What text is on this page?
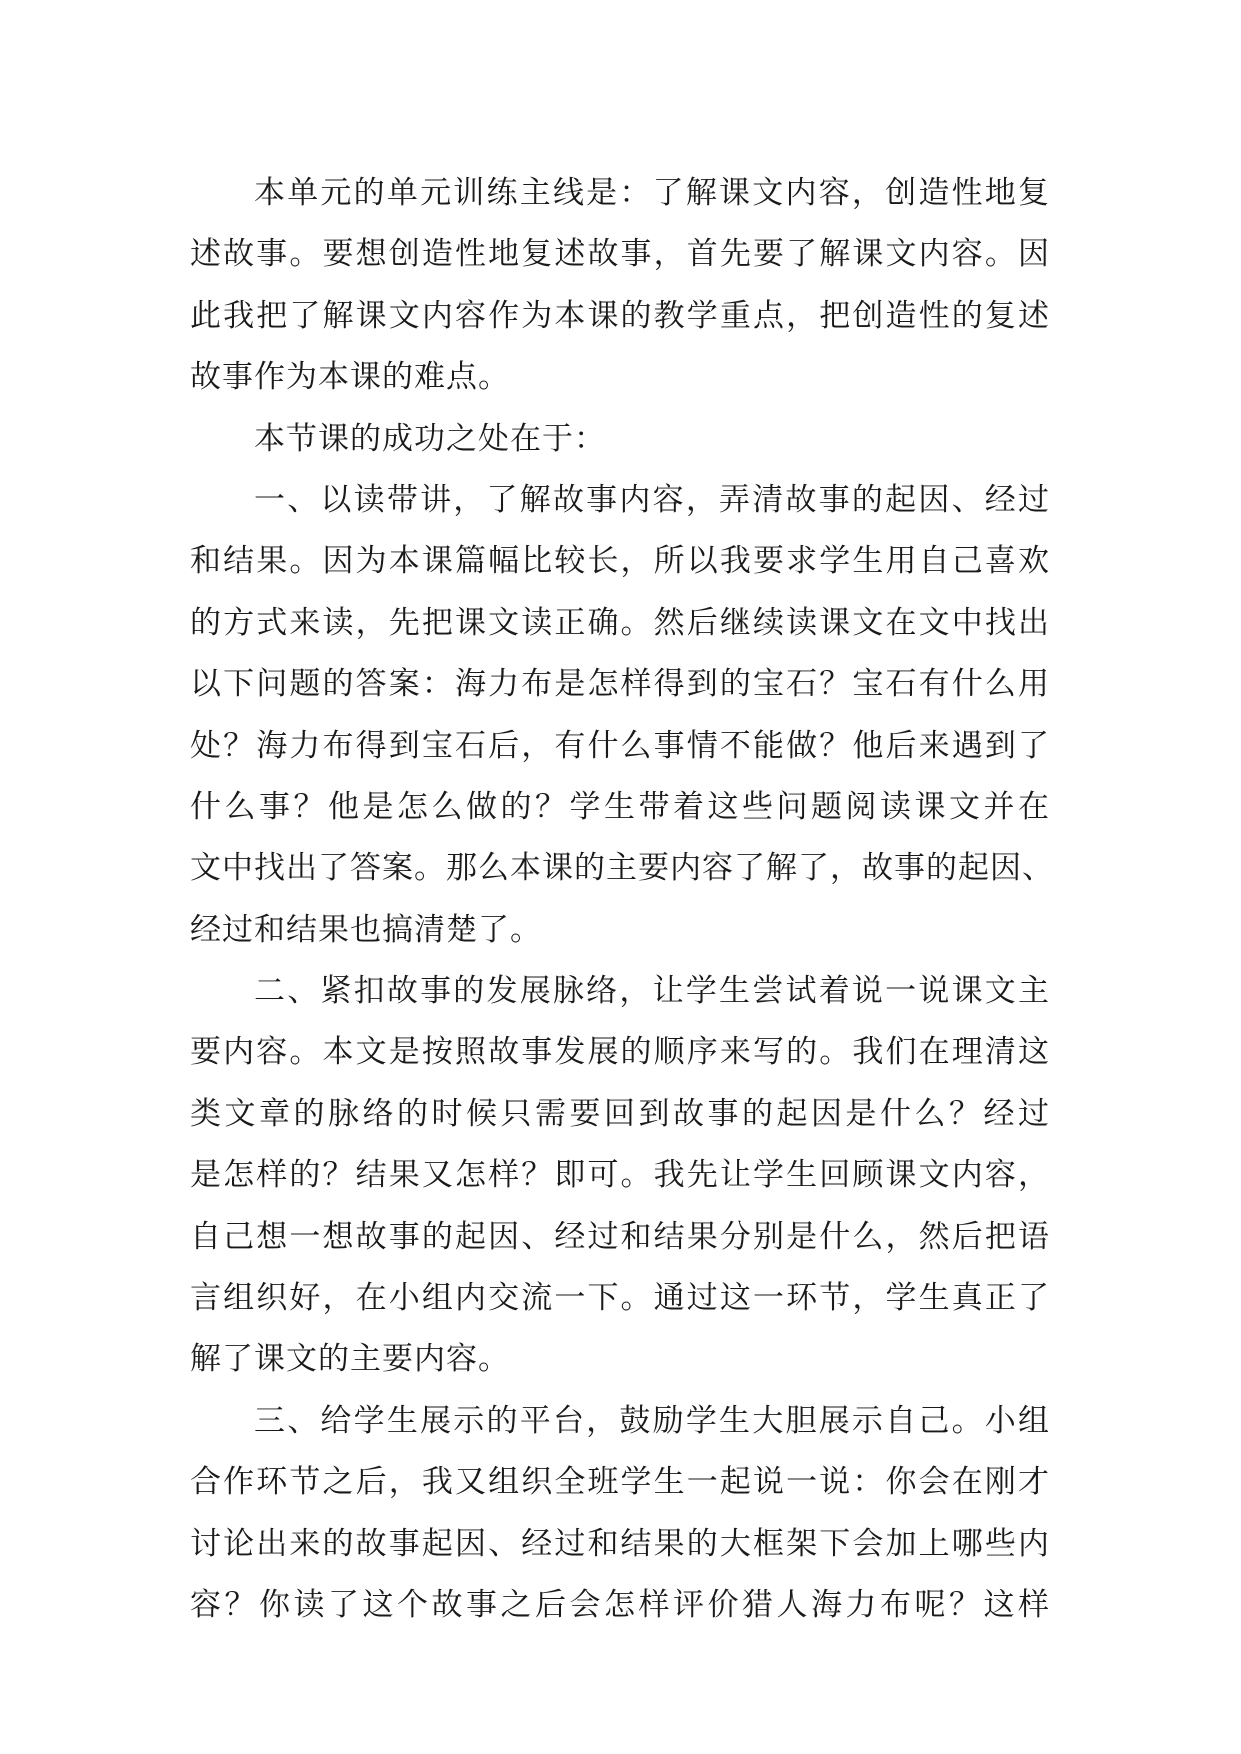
本单元的单元训练主线是：了解课文内容，创造性地复
述故事。要想创造性地复述故事，首先要了解课文内容。因
此我把了解课文内容作为本课的教学重点，把创造性的复述
故事作为本课的难点。
本节课的成功之处在于：
一、以读带讲，了解故事内容，弄清故事的起因、经过
和结果。因为本课篇幅比较长，所以我要求学生用自己喜欢
的方式来读，先把课文读正确。然后继续读课文在文中找出
以下问题的答案：海力布是怎样得到的宝石？宝石有什么用
处？海力布得到宝石后，有什么事情不能做？他后来遇到了
什么事？他是怎么做的？学生带着这些问题阅读课文并在
文中找出了答案。那么本课的主要内容了解了，故事的起因、
经过和结果也搞清楚了。
二、紧扣故事的发展脉络，让学生尝试着说一说课文主
要内容。本文是按照故事发展的顺序来写的。我们在理清这
类文章的脉络的时候只需要回到故事的起因是什么？经过
是怎样的？结果又怎样？即可。我先让学生回顾课文内容，
自己想一想故事的起因、经过和结果分别是什么，然后把语
言组织好，在小组内交流一下。通过这一环节，学生真正了
解了课文的主要内容。
三、给学生展示的平台，鼓励学生大胆展示自己。小组
合作环节之后，我又组织全班学生一起说一说：你会在刚才
讨论出来的故事起因、经过和结果的大框架下会加上哪些内
容？你读了这个故事之后会怎样评价猎人海力布呢？这样
